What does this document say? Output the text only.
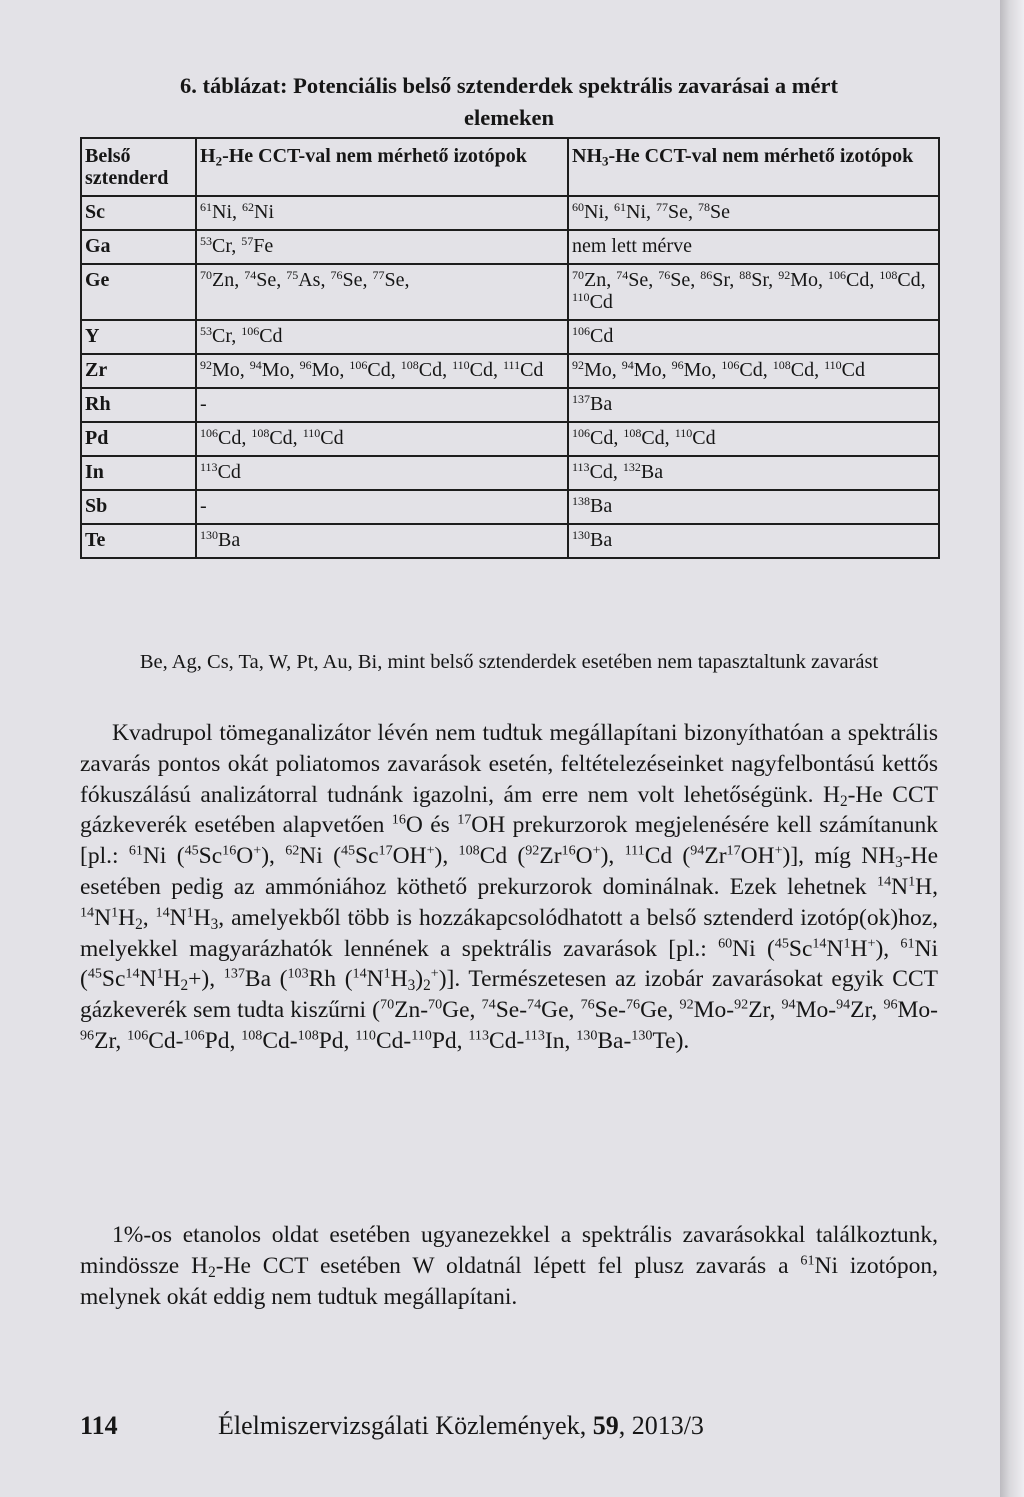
6. táblázat: Potenciális belső sztenderdek spektrális zavarásai a mért
elemeken
Belső sztenderd	$H_2-He$ CCT-val nem mérhető izotópok	$NH_3-He$ CCT-val nem mérhető izotópok
Sc	$^{61}$Ni, $^{62}$Ni	$^{60}$Ni, $^{61}$Ni, $^{77}$Se, $^{78}$Se
Ga	$^{53}$Cr, $^{57}$Fe	nem lett mérve
Ge	$^{70}$Zn, $^{74}$Se, $^{75}$As, $^{76}$Se, $^{77}$Se,	$^{70}$Zn, $^{74}$Se, $^{76}$Se, $^{86}$Sr, $^{88}$Sr, $^{92}$Mo, $^{106}$Cd, $^{108}$Cd, $^{110}$Cd
Y	$^{53}$Cr, $^{106}$Cd	$^{106}$Cd
Zr	$^{92}$Mo, $^{94}$Mo, $^{96}$Mo, $^{106}$Cd, $^{108}$Cd, $^{110}$Cd, $^{111}$Cd	$^{92}$Mo, $^{94}$Mo, $^{96}$Mo, $^{106}$Cd, $^{108}$Cd, $^{110}$Cd
Rh	-	$^{137}$Ba
Pd	$^{106}$Cd, $^{108}$Cd, $^{110}$Cd	$^{106}$Cd, $^{108}$Cd, $^{110}$Cd
In	$^{113}$Cd	$^{113}$Cd, $^{132}$Ba
Sb	-	$^{138}$Ba
Te	$^{130}$Ba	$^{130}$Ba
Be, Ag, Cs, Ta, W, Pt, Au, Bi, mint belső sztenderdek esetében nem tapasztaltunk zavarást
Kvadrupol tömeganalizátor lévén nem tudtuk megállapítani bizonyíthatóan a spektrális zavarás pontos okát poliatomos zavarások esetén, feltételezéseinket nagyfelbontású kettős fókuszálású analizátorral tudnánk igazolni, ám erre nem volt lehetőségünk. $H_2-He$ CCT gázkeverék esetében alapvetően $^{16}$O és $^{17}$OH prekurzorok megjelenésére kell számítanunk [pl.: $^{61}$Ni ($^{45}$Sc$^{16}$O+), $^{62}$Ni ($^{45}$Sc$^{17}$OH+), $^{108}$Cd ($^{92}$Zr$^{16}$O+), $^{111}$Cd ($^{94}$Zr$^{17}$OH+)], míg $NH_3-He$ esetében pedig az ammóniához köthető prekurzorok dominálnak. Ezek lehetnek $^{14}N^1H$, $^{14}N^1H_2$, $^{14}N^1H_3$, amelyekből több is hozzákapcsolódhatott a belső sztenderd izotóp(ok)hoz, melyekkel magyarázhatók lennének a spektrális zavarások [pl.: $^{60}$Ni $(^{45}Sc^{14}N^1H^+)$, $^{61}$Ni $(^{45}Sc^{14}N^1H_2+)$, $^{137}$Ba ($^{103}$Rh $(^{14}N^1H_3)_2^+$)]. Természetesen az izobár zavarásokat egyik CCT gázkeverék sem tudta kiszűrni ($^{70}$Zn-$^{70}$Ge, $^{74}$Se-$^{74}$Ge, $^{76}$Se-$^{76}$Ge, $^{92}$Mo-$^{92}$Zr, $^{94}$Mo-$^{94}$Zr, $^{96}$Mo-$^{96}$Zr, $^{106}$Cd-$^{106}$Pd, $^{108}$Cd-$^{108}$Pd, $^{110}$Cd-$^{110}$Pd, $^{113}$Cd-$^{113}$In, $^{130}$Ba-$^{130}$Te).
1%-os etanolos oldat esetében ugyanezekkel a spektrális zavarásokkal találkoztunk, mindössze $H_2-He$ CCT esetében W oldatnál lépett fel plusz zavarás a $^{61}$Ni izotópon, melynek okát eddig nem tudtuk megállapítani.
114	Élelmiszervizsgálati Közlemények, 59, 2013/3
